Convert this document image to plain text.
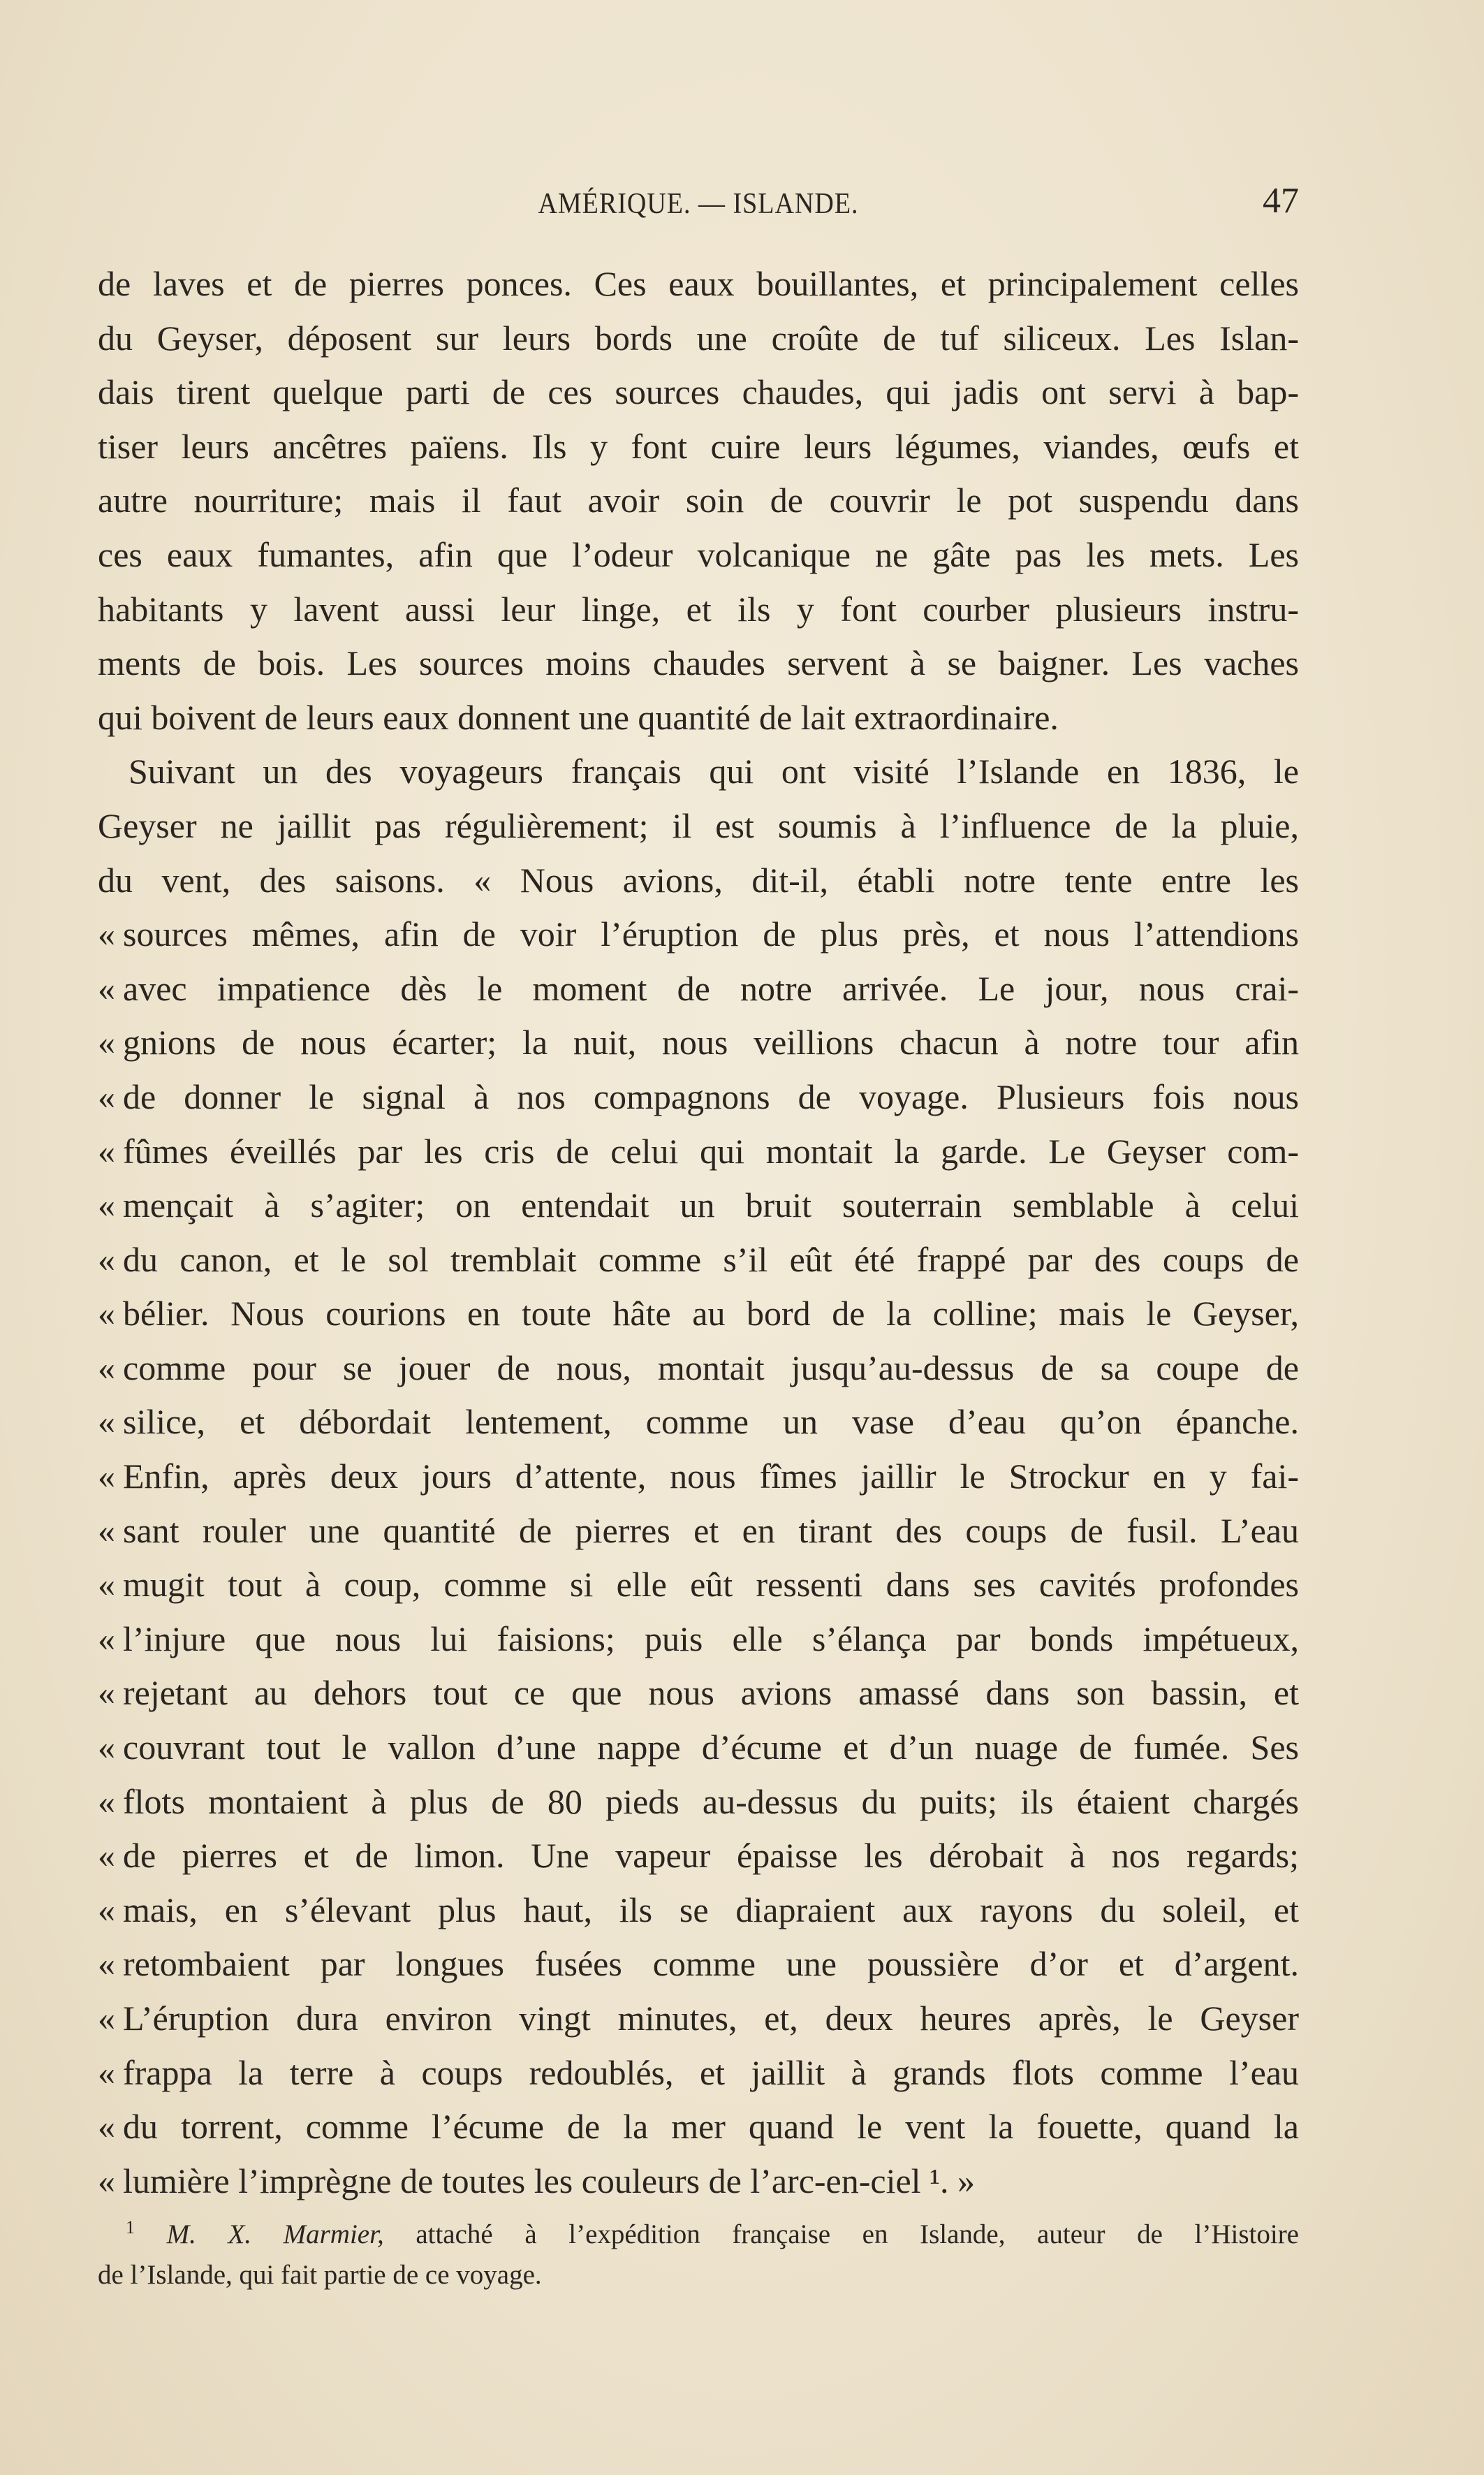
AMÉRIQUE. — ISLANDE.	47
de laves et de pierres ponces. Ces eaux bouillantes, et principalement celles
du Geyser, déposent sur leurs bords une croûte de tuf siliceux. Les Islan-
dais tirent quelque parti de ces sources chaudes, qui jadis ont servi à bap-
tiser leurs ancêtres païens. Ils y font cuire leurs légumes, viandes, œufs et
autre nourriture; mais il faut avoir soin de couvrir le pot suspendu dans
ces eaux fumantes, afin que l’odeur volcanique ne gâte pas les mets. Les
habitants y lavent aussi leur linge, et ils y font courber plusieurs instru-
ments de bois. Les sources moins chaudes servent à se baigner. Les vaches
qui boivent de leurs eaux donnent une quantité de lait extraordinaire.
Suivant un des voyageurs français qui ont visité l’Islande en 1836, le
Geyser ne jaillit pas régulièrement; il est soumis à l’influence de la pluie,
du vent, des saisons. « Nous avions, dit-il, établi notre tente entre les
« sources mêmes, afin de voir l’éruption de plus près, et nous l’attendions
« avec impatience dès le moment de notre arrivée. Le jour, nous crai-
« gnions de nous écarter; la nuit, nous veillions chacun à notre tour afin
« de donner le signal à nos compagnons de voyage. Plusieurs fois nous
« fûmes éveillés par les cris de celui qui montait la garde. Le Geyser com-
« mençait à s’agiter; on entendait un bruit souterrain semblable à celui
« du canon, et le sol tremblait comme s’il eût été frappé par des coups de
« bélier. Nous courions en toute hâte au bord de la colline; mais le Geyser,
« comme pour se jouer de nous, montait jusqu’au-dessus de sa coupe de
« silice, et débordait lentement, comme un vase d’eau qu’on épanche.
« Enfin, après deux jours d’attente, nous fîmes jaillir le Strockur en y fai-
« sant rouler une quantité de pierres et en tirant des coups de fusil. L’eau
« mugit tout à coup, comme si elle eût ressenti dans ses cavités profondes
« l’injure que nous lui faisions; puis elle s’élança par bonds impétueux,
« rejetant au dehors tout ce que nous avions amassé dans son bassin, et
« couvrant tout le vallon d’une nappe d’écume et d’un nuage de fumée. Ses
« flots montaient à plus de 80 pieds au-dessus du puits; ils étaient chargés
« de pierres et de limon. Une vapeur épaisse les dérobait à nos regards;
« mais, en s’élevant plus haut, ils se diapraient aux rayons du soleil, et
« retombaient par longues fusées comme une poussière d’or et d’argent.
« L’éruption dura environ vingt minutes, et, deux heures après, le Geyser
« frappa la terre à coups redoublés, et jaillit à grands flots comme l’eau
« du torrent, comme l’écume de la mer quand le vent la fouette, quand la
« lumière l’imprègne de toutes les couleurs de l’arc-en-ciel ¹. »
$^1$ M. X. Marmier, attaché à l’expédition française en Islande, auteur de l’Histoire
de l’Islande, qui fait partie de ce voyage.
